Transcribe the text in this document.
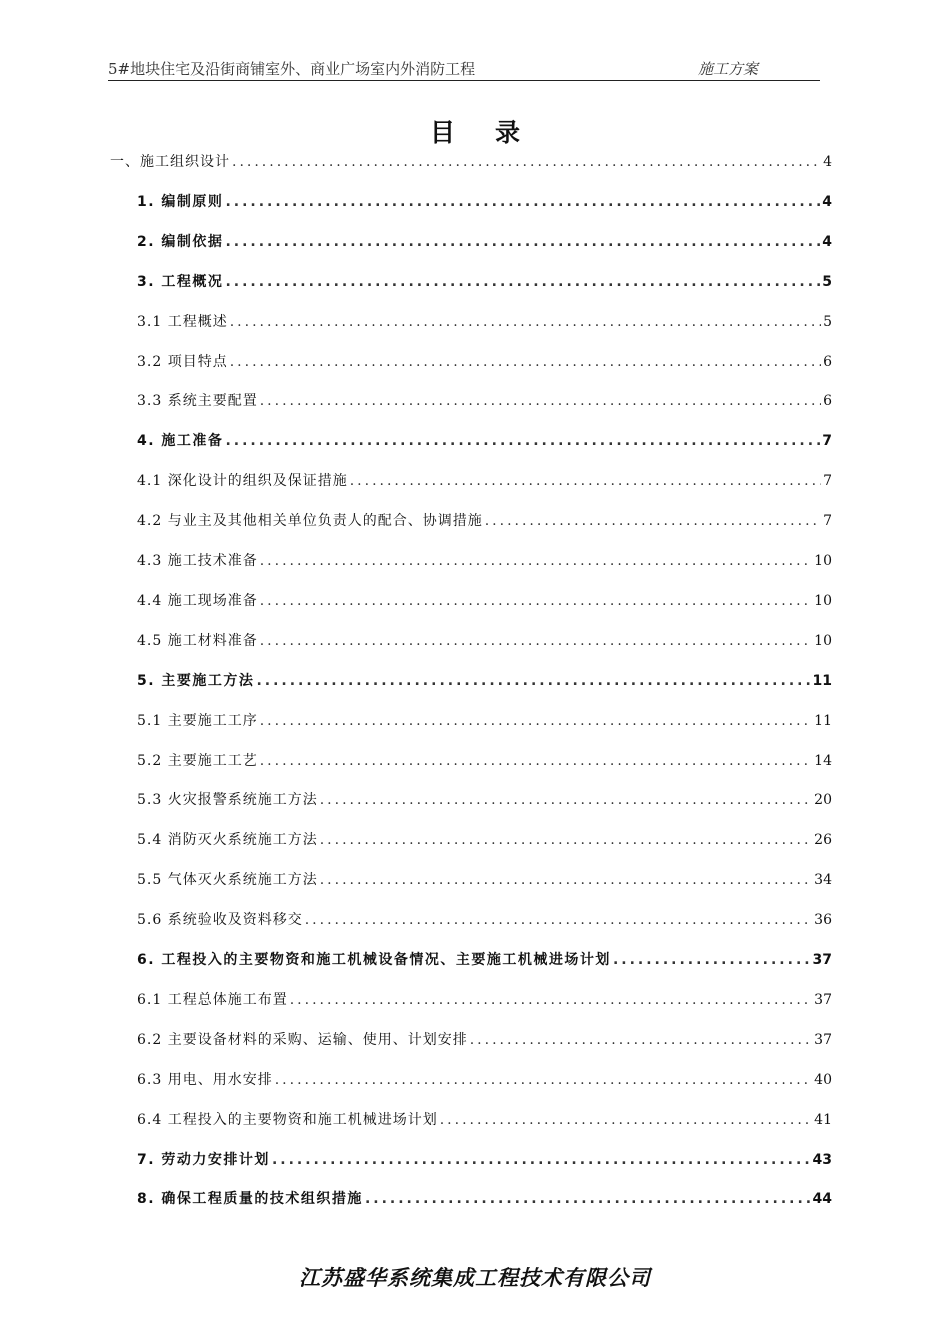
5#地块住宅及沿街商铺室外、商业广场室内外消防工程	施工方案
目录
一、施工组织设计 .....	4
1. 编制原则 .....	4
2. 编制依据 .....	4
3. 工程概况 .....	5
3.1 工程概述 .....	5
3.2 项目特点 .....	6
3.3 系统主要配置 .....	6
4. 施工准备 .....	7
4.1 深化设计的组织及保证措施 .....	7
4.2 与业主及其他相关单位负责人的配合、协调措施 .....	7
4.3 施工技术准备 .....	10
4.4 施工现场准备 .....	10
4.5 施工材料准备 .....	10
5. 主要施工方法 .....	11
5.1 主要施工工序 .....	11
5.2 主要施工工艺 .....	14
5.3 火灾报警系统施工方法 .....	20
5.4 消防灭火系统施工方法 .....	26
5.5 气体灭火系统施工方法 .....	34
5.6 系统验收及资料移交 .....	36
6. 工程投入的主要物资和施工机械设备情况、主要施工机械进场计划 .....	37
6.1 工程总体施工布置 .....	37
6.2 主要设备材料的采购、运输、使用、计划安排 .....	37
6.3 用电、用水安排 .....	40
6.4 工程投入的主要物资和施工机械进场计划 .....	41
7. 劳动力安排计划 .....	43
8. 确保工程质量的技术组织措施 .....	44
江苏盛华系统集成工程技术有限公司
